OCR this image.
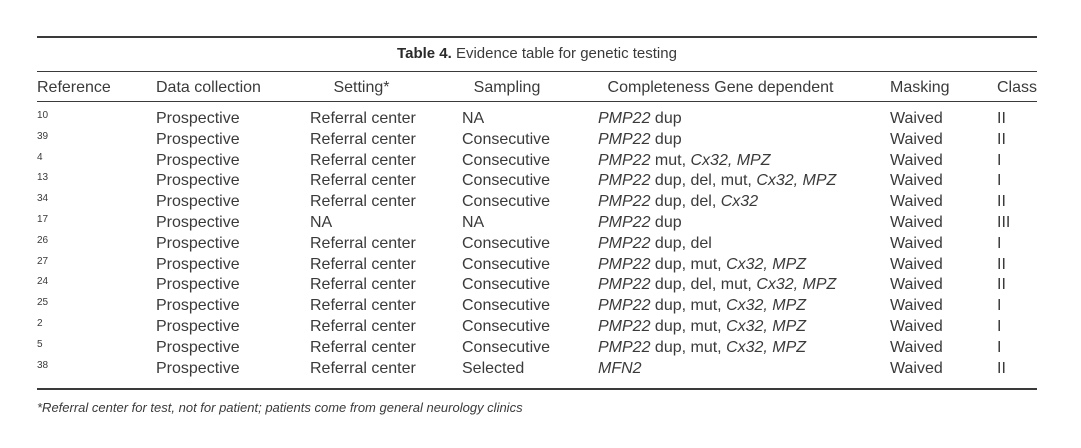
Table 4. Evidence table for genetic testing
Reference	Data collection	Setting*	Sampling	Completeness Gene dependent	Masking	Class
10	Prospective	Referral center	NA	PMP22 dup	Waived	II
39	Prospective	Referral center	Consecutive	PMP22 dup	Waived	II
4	Prospective	Referral center	Consecutive	PMP22 mut, Cx32, MPZ	Waived	I
13	Prospective	Referral center	Consecutive	PMP22 dup, del, mut, Cx32, MPZ	Waived	I
34	Prospective	Referral center	Consecutive	PMP22 dup, del, Cx32	Waived	II
17	Prospective	NA	NA	PMP22 dup	Waived	III
26	Prospective	Referral center	Consecutive	PMP22 dup, del	Waived	I
27	Prospective	Referral center	Consecutive	PMP22 dup, mut, Cx32, MPZ	Waived	II
24	Prospective	Referral center	Consecutive	PMP22 dup, del, mut, Cx32, MPZ	Waived	II
25	Prospective	Referral center	Consecutive	PMP22 dup, mut, Cx32, MPZ	Waived	I
2	Prospective	Referral center	Consecutive	PMP22 dup, mut, Cx32, MPZ	Waived	I
5	Prospective	Referral center	Consecutive	PMP22 dup, mut, Cx32, MPZ	Waived	I
38	Prospective	Referral center	Selected	MFN2	Waived	II
*Referral center for test, not for patient; patients come from general neurology clinics
